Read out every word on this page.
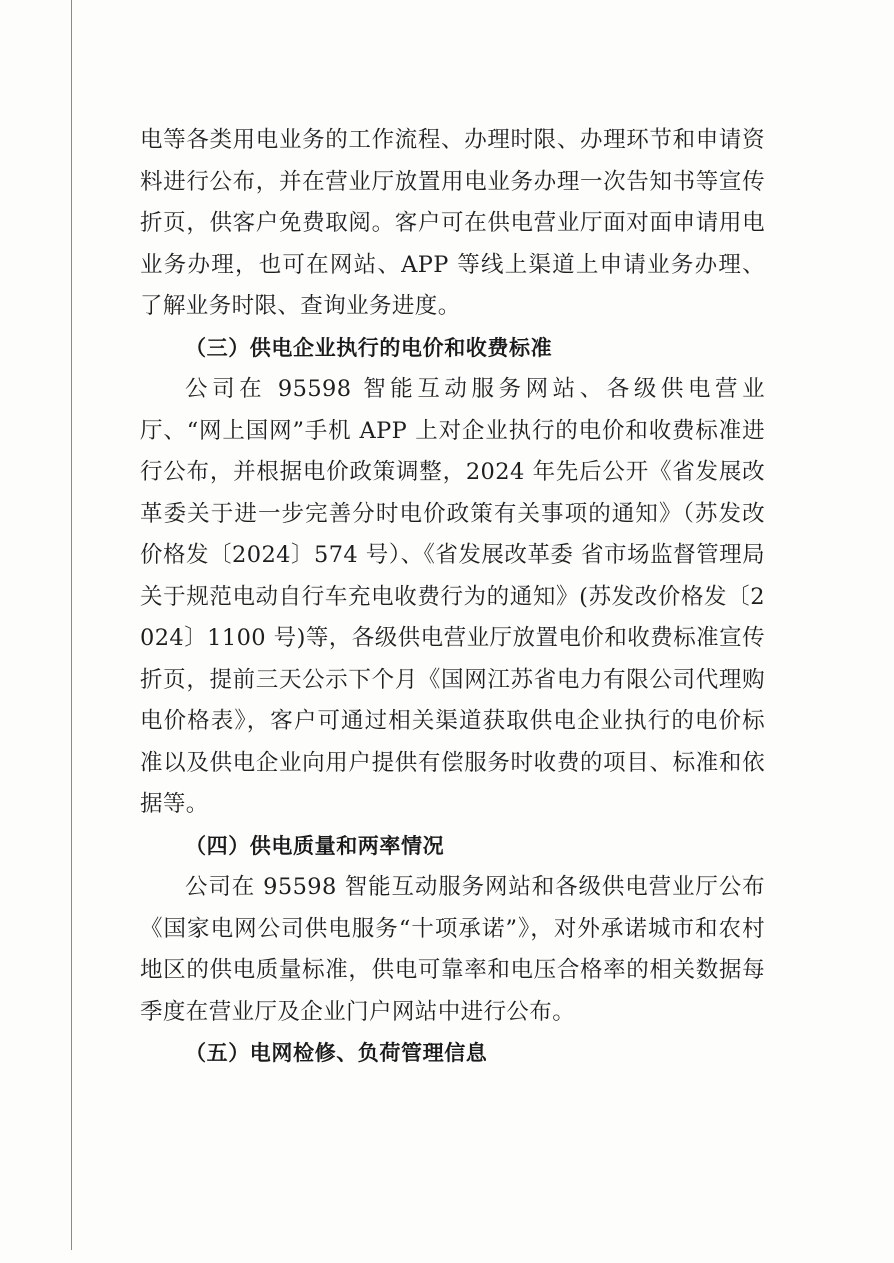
电等各类用电业务的工作流程、办理时限、办理环节和申请资料进行公布，并在营业厅放置用电业务办理一次告知书等宣传折页，供客户免费取阅。客户可在供电营业厅面对面申请用电业务办理，也可在网站、APP 等线上渠道上申请业务办理、了解业务时限、查询业务进度。

（三）供电企业执行的电价和收费标准

公司在 95598 智能互动服务网站、各级供电营业厅、“网上国网”手机 APP 上对企业执行的电价和收费标准进行公布，并根据电价政策调整，2024 年先后公开《省发展改革委关于进一步完善分时电价政策有关事项的通知》（苏发改价格发〔2024〕574 号）、《省发展改革委 省市场监督管理局关于规范电动自行车充电收费行为的通知》(苏发改价格发〔2024〕1100 号)等，各级供电营业厅放置电价和收费标准宣传折页，提前三天公示下个月《国网江苏省电力有限公司代理购电价格表》，客户可通过相关渠道获取供电企业执行的电价标准以及供电企业向用户提供有偿服务时收费的项目、标准和依据等。

（四）供电质量和两率情况

公司在 95598 智能互动服务网站和各级供电营业厅公布《国家电网公司供电服务“十项承诺”》，对外承诺城市和农村地区的供电质量标准，供电可靠率和电压合格率的相关数据每季度在营业厅及企业门户网站中进行公布。

（五）电网检修、负荷管理信息
